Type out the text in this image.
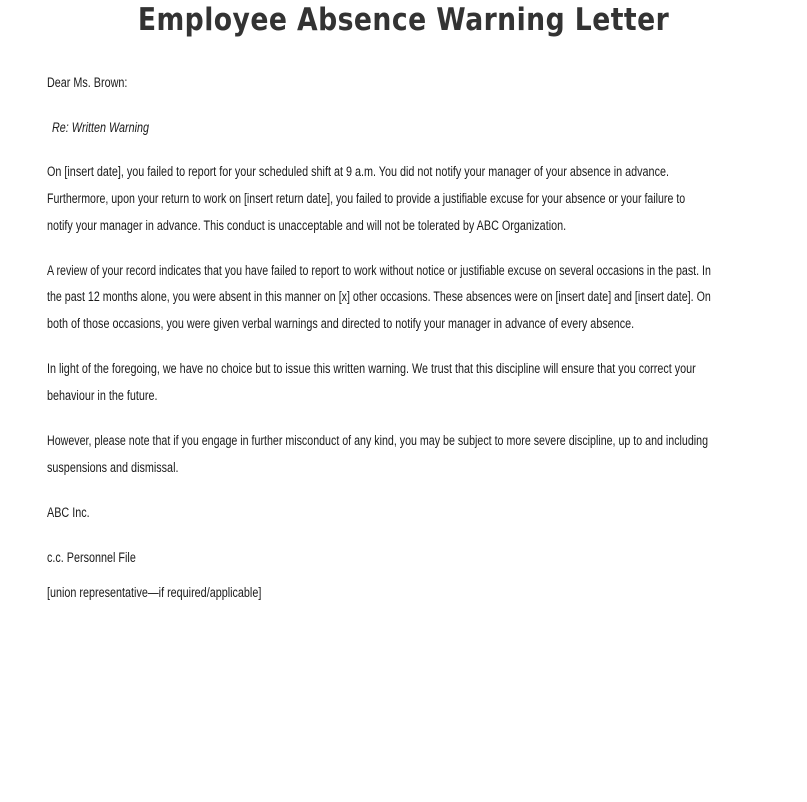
Employee Absence Warning Letter
Dear Ms. Brown:
Re: Written Warning
On [insert date], you failed to report for your scheduled shift at 9 a.m. You did not notify your manager of your absence in advance.
Furthermore, upon your return to work on [insert return date], you failed to provide a justifiable excuse for your absence or your failure to
notify your manager in advance. This conduct is unacceptable and will not be tolerated by ABC Organization.
A review of your record indicates that you have failed to report to work without notice or justifiable excuse on several occasions in the past. In
the past 12 months alone, you were absent in this manner on [x] other occasions. These absences were on [insert date] and [insert date]. On
both of those occasions, you were given verbal warnings and directed to notify your manager in advance of every absence.
In light of the foregoing, we have no choice but to issue this written warning. We trust that this discipline will ensure that you correct your
behaviour in the future.
However, please note that if you engage in further misconduct of any kind, you may be subject to more severe discipline, up to and including
suspensions and dismissal.
ABC Inc.
c.c. Personnel File
[union representative—if required/applicable]
